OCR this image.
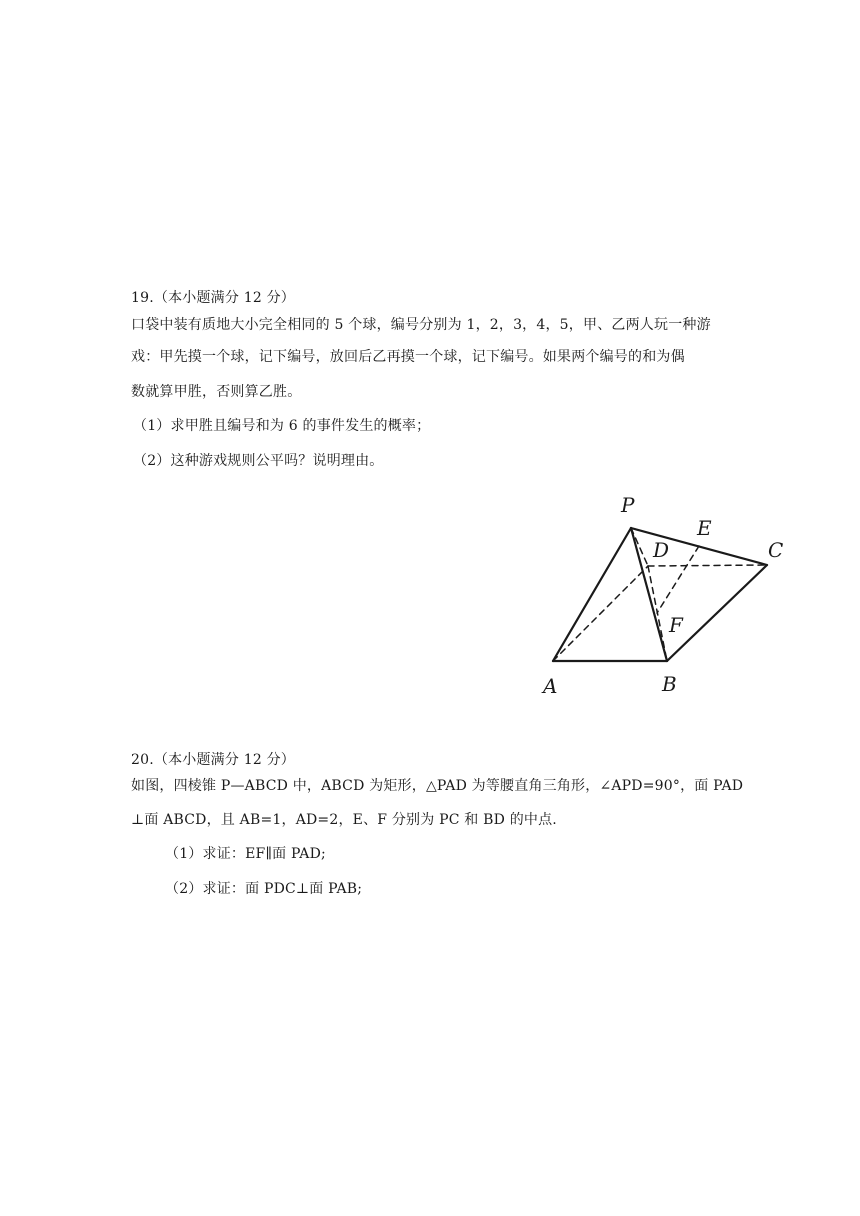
19.（本小题满分 12 分）
口袋中装有质地大小完全相同的 5 个球，编号分别为 1，2，3，4，5，甲、乙两人玩一种游
戏：甲先摸一个球，记下编号，放回后乙再摸一个球，记下编号。如果两个编号的和为偶
数就算甲胜，否则算乙胜。
（1）求甲胜且编号和为 6 的事件发生的概率；
（2）这种游戏规则公平吗？说明理由。
P
A	B
C
D
E
F
20.（本小题满分 12 分）
如图，四棱锥 P—ABCD 中，ABCD 为矩形，△PAD 为等腰直角三角形，∠APD=90°，面 PAD
⊥面 ABCD，且 AB=1，AD=2，E、F 分别为 PC 和 BD 的中点.
（1）求证：EF∥面 PAD;
（2）求证：面 PDC⊥面 PAB;
